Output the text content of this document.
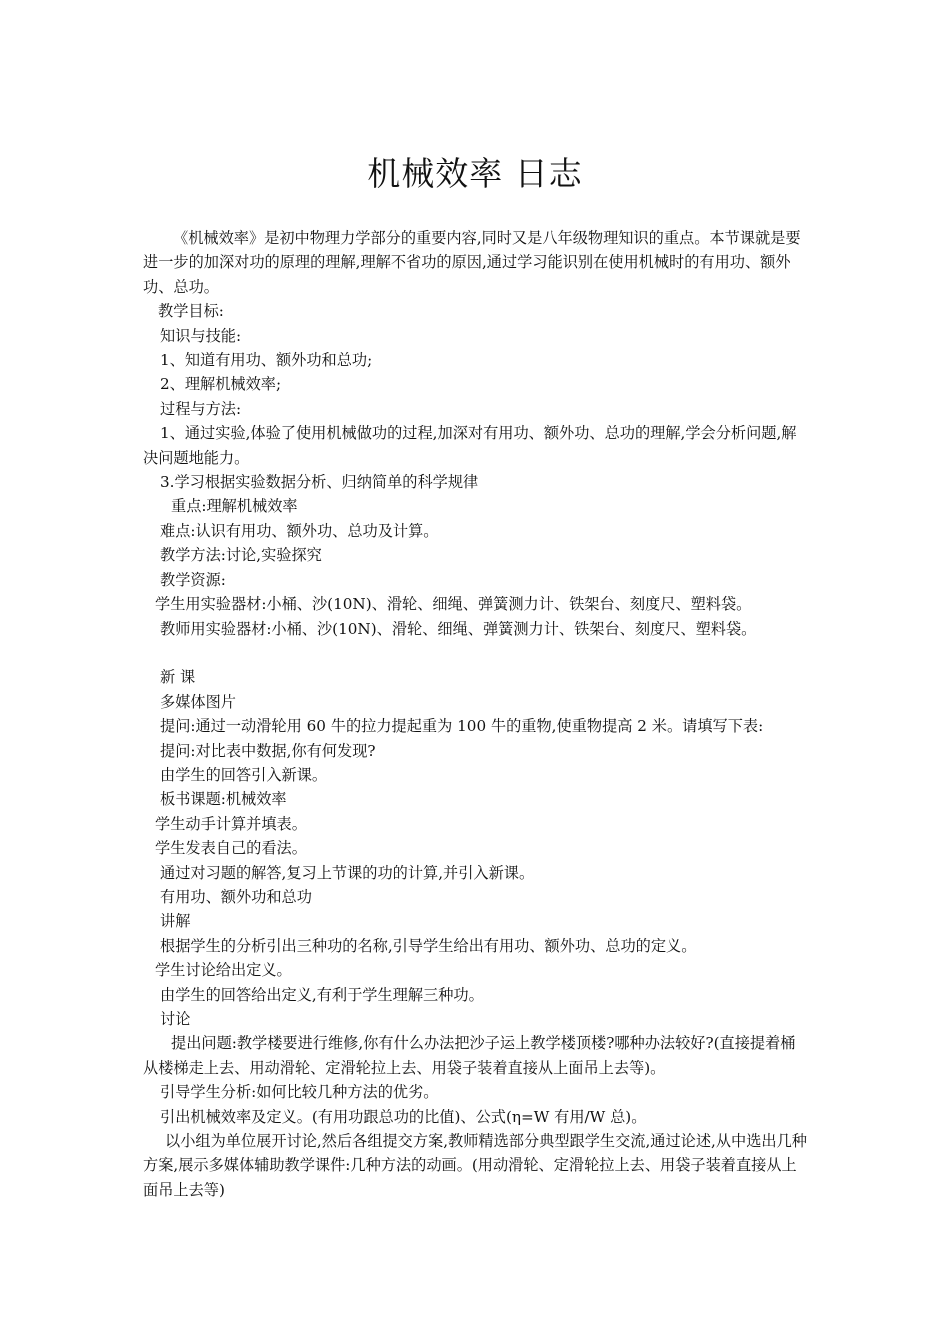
机械效率 日志

《机械效率》是初中物理力学部分的重要内容,同时又是八年级物理知识的重点。本节课就是要进一步的加深对功的原理的理解,理解不省功的原因,通过学习能识别在使用机械时的有用功、额外功、总功。

教学目标:

知识与技能:

1、知道有用功、额外功和总功;

2、理解机械效率;

过程与方法:

1、通过实验,体验了使用机械做功的过程,加深对有用功、额外功、总功的理解,学会分析问题,解决问题地能力。

3.学习根据实验数据分析、归纳简单的科学规律

重点:理解机械效率

难点:认识有用功、额外功、总功及计算。

教学方法:讨论,实验探究

教学资源:

学生用实验器材:小桶、沙(10N)、滑轮、细绳、弹簧测力计、铁架台、刻度尺、塑料袋。

教师用实验器材:小桶、沙(10N)、滑轮、细绳、弹簧测力计、铁架台、刻度尺、塑料袋。

新 课

多媒体图片

提问:通过一动滑轮用 60 牛的拉力提起重为 100 牛的重物,使重物提高 2 米。请填写下表:

提问:对比表中数据,你有何发现?

由学生的回答引入新课。

板书课题:机械效率

学生动手计算并填表。

学生发表自己的看法。

通过对习题的解答,复习上节课的功的计算,并引入新课。

有用功、额外功和总功

讲解

根据学生的分析引出三种功的名称,引导学生给出有用功、额外功、总功的定义。

学生讨论给出定义。

由学生的回答给出定义,有利于学生理解三种功。

讨论

提出问题:教学楼要进行维修,你有什么办法把沙子运上教学楼顶楼?哪种办法较好?(直接提着桶从楼梯走上去、用动滑轮、定滑轮拉上去、用袋子装着直接从上面吊上去等)。

引导学生分析:如何比较几种方法的优劣。

引出机械效率及定义。(有用功跟总功的比值)、公式(η=W 有用/W 总)。

以小组为单位展开讨论,然后各组提交方案,教师精选部分典型跟学生交流,通过论述,从中选出几种方案,展示多媒体辅助教学课件:几种方法的动画。(用动滑轮、定滑轮拉上去、用袋子装着直接从上面吊上去等)
